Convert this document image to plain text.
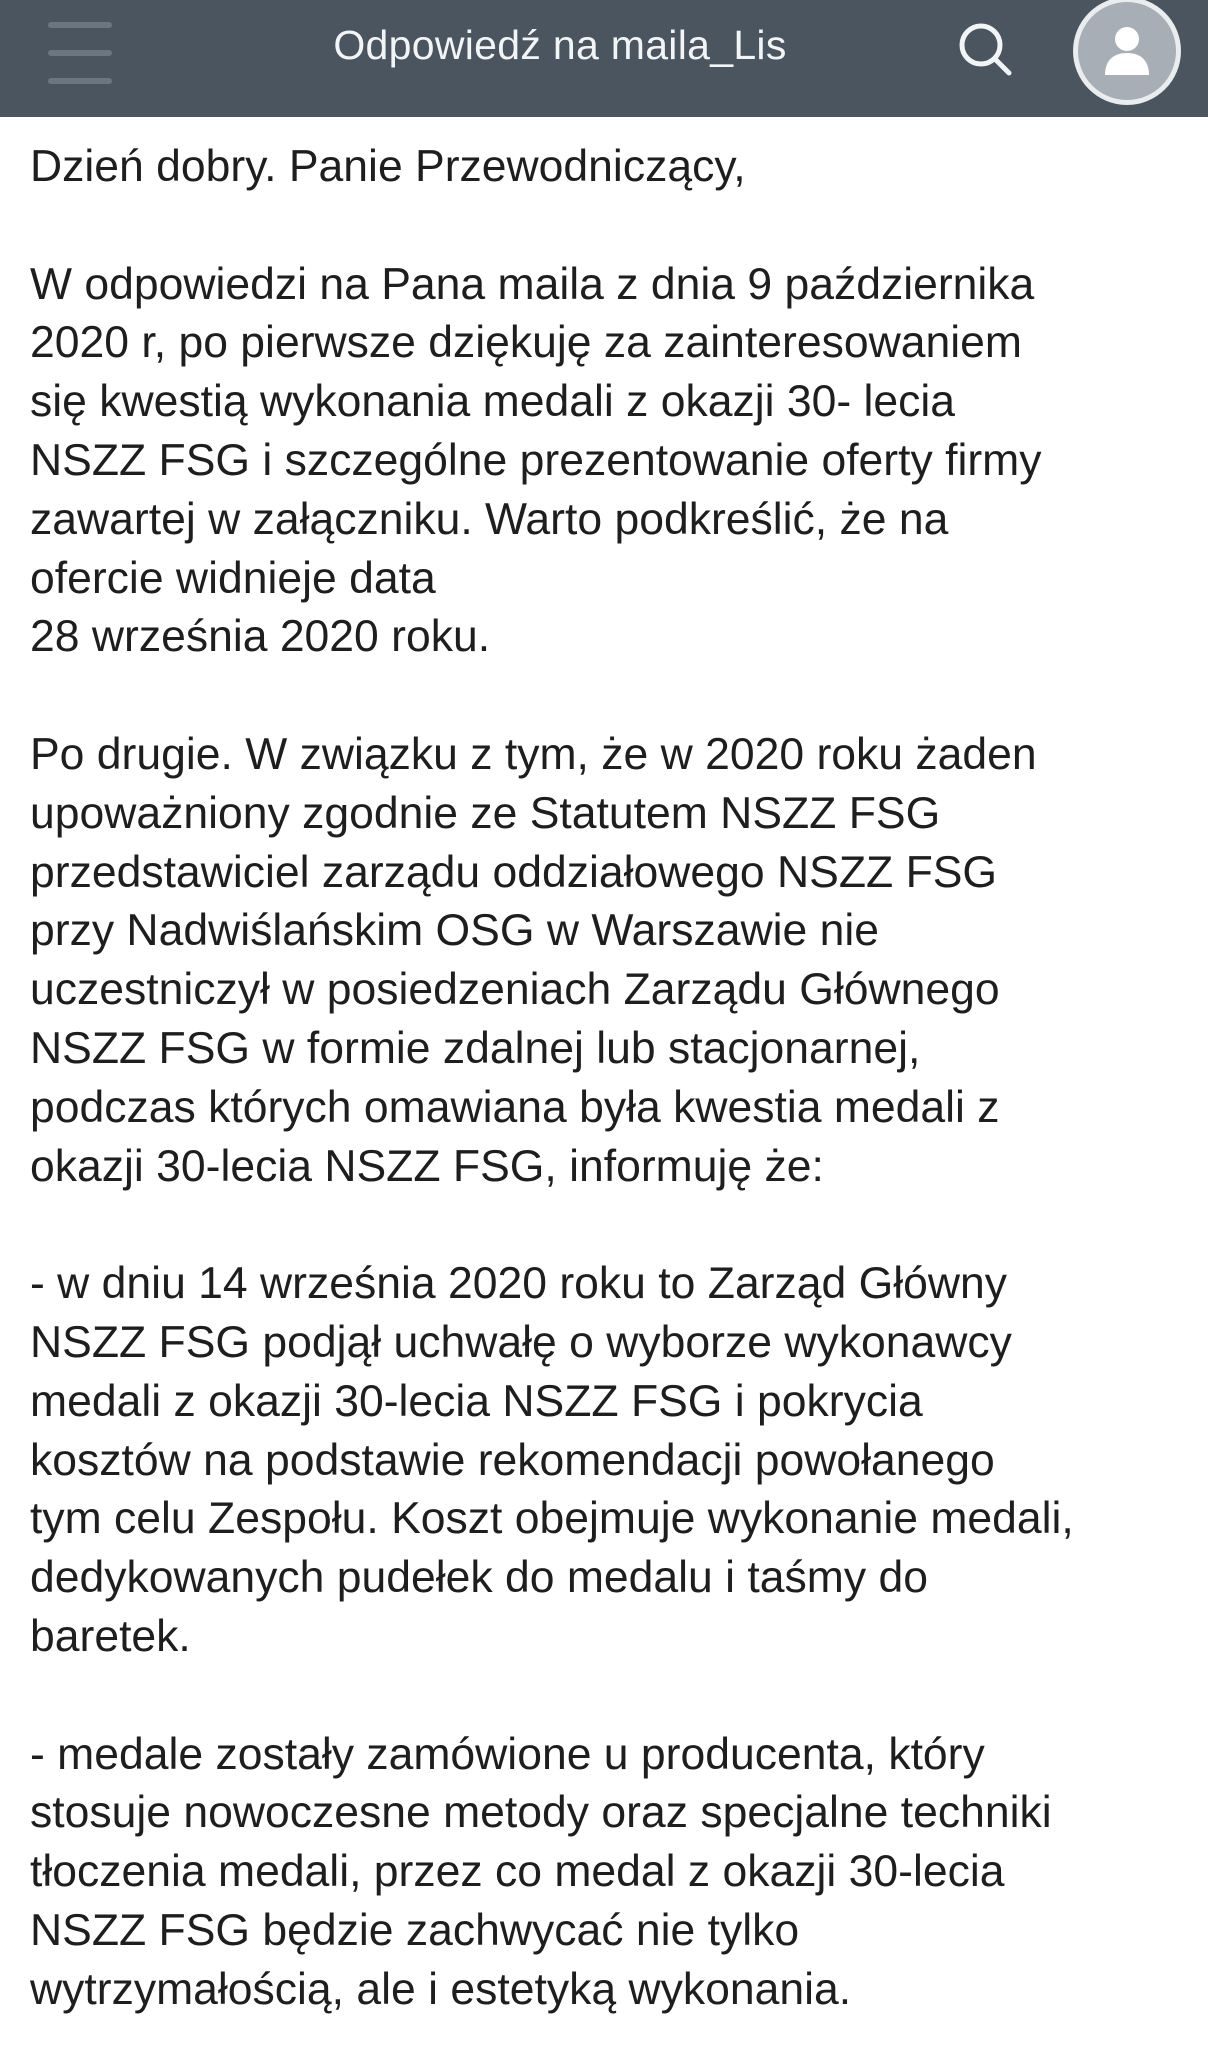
Odpowiedź na maila_Lis

Dzień dobry. Panie Przewodniczący,

W odpowiedzi na Pana maila z dnia 9 października
2020 r, po pierwsze dziękuję za zainteresowaniem
się kwestią wykonania medali z okazji 30- lecia
NSZZ FSG i szczególne prezentowanie oferty firmy
zawartej w załączniku. Warto podkreślić, że na
ofercie widnieje data
28 września 2020 roku.

Po drugie. W związku z tym, że w 2020 roku żaden
upoważniony zgodnie ze Statutem NSZZ FSG
przedstawiciel zarządu oddziałowego NSZZ FSG
przy Nadwiślańskim OSG w Warszawie nie
uczestniczył w posiedzeniach Zarządu Głównego
NSZZ FSG w formie zdalnej lub stacjonarnej,
podczas których omawiana była kwestia medali z
okazji 30-lecia NSZZ FSG, informuję że:

- w dniu 14 września 2020 roku to Zarząd Główny
NSZZ FSG podjął uchwałę o wyborze wykonawcy
medali z okazji 30-lecia NSZZ FSG i pokrycia
kosztów na podstawie rekomendacji powołanego
tym celu Zespołu. Koszt obejmuje wykonanie medali,
dedykowanych pudełek do medalu i taśmy do
baretek.

- medale zostały zamówione u producenta, który
stosuje nowoczesne metody oraz specjalne techniki
tłoczenia medali, przez co medal z okazji 30-lecia
NSZZ FSG będzie zachwycać nie tylko
wytrzymałością, ale i estetyką wykonania.
